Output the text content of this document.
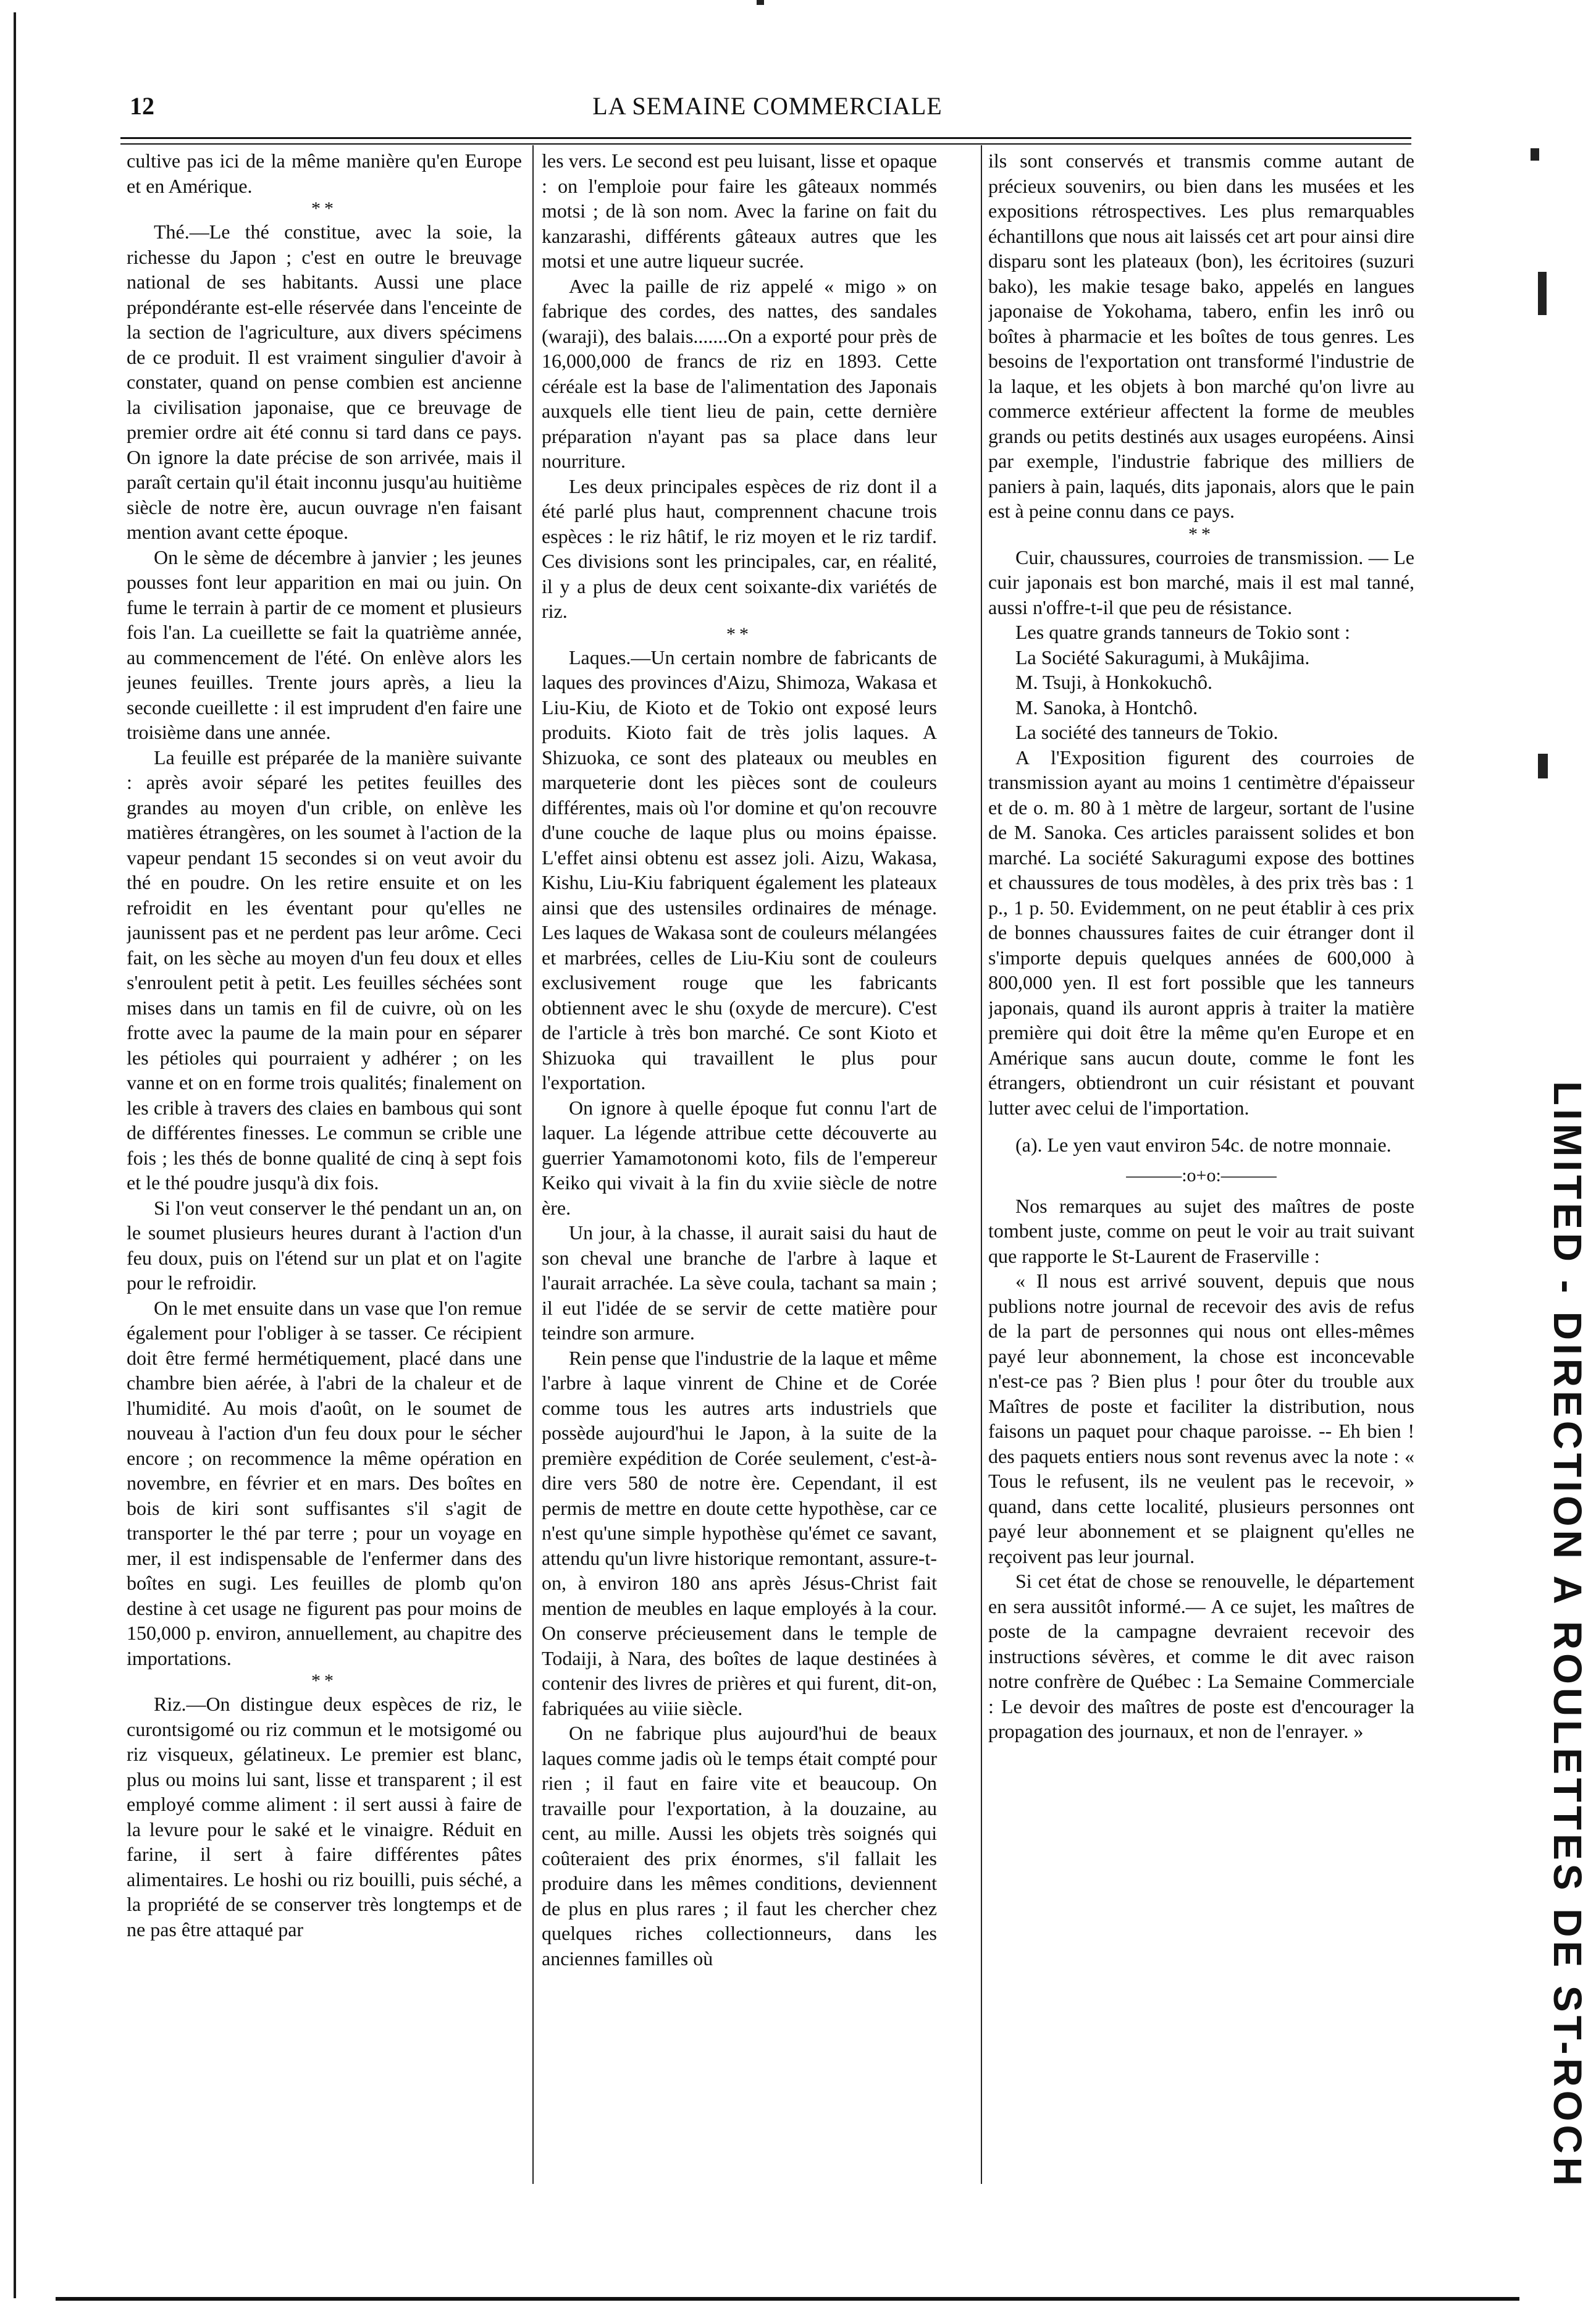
12	LA SEMAINE COMMERCIALE

cultive pas ici de la même manière qu'en Europe et en Amérique.

**

Thé.—Le thé constitue, avec la soie, la richesse du Japon ; c'est en outre le breuvage national de ses habitants. Aussi une place prépondérante est-elle réservée dans l'enceinte de la section de l'agriculture, aux divers spécimens de ce produit. Il est vraiment singulier d'avoir à constater, quand on pense combien est ancienne la civilisation japonaise, que ce breuvage de premier ordre ait été connu si tard dans ce pays. On ignore la date précise de son arrivée, mais il paraît certain qu'il était inconnu jusqu'au huitième siècle de notre ère, aucun ouvrage n'en faisant mention avant cette époque.

On le sème de décembre à janvier ; les jeunes pousses font leur apparition en mai ou juin. On fume le terrain à partir de ce moment et plusieurs fois l'an. La cueillette se fait la quatrième année, au commencement de l'été. On enlève alors les jeunes feuilles. Trente jours après, a lieu la seconde cueillette : il est imprudent d'en faire une troisième dans une année.

La feuille est préparée de la manière suivante : après avoir séparé les petites feuilles des grandes au moyen d'un crible, on enlève les matières étrangères, on les soumet à l'action de la vapeur pendant 15 secondes si on veut avoir du thé en poudre. On les retire ensuite et on les refroidit en les éventant pour qu'elles ne jaunissent pas et ne perdent pas leur arôme. Ceci fait, on les sèche au moyen d'un feu doux et elles s'enroulent petit à petit. Les feuilles séchées sont mises dans un tamis en fil de cuivre, où on les frotte avec la paume de la main pour en séparer les pétioles qui pourraient y adhérer ; on les vanne et on en forme trois qualités; finalement on les crible à travers des claies en bambous qui sont de différentes finesses. Le commun se crible une fois ; les thés de bonne qualité de cinq à sept fois et le thé poudre jusqu'à dix fois.

Si l'on veut conserver le thé pendant un an, on le soumet plusieurs heures durant à l'action d'un feu doux, puis on l'étend sur un plat et on l'agite pour le refroidir.

On le met ensuite dans un vase que l'on remue également pour l'obliger à se tasser. Ce récipient doit être fermé hermétiquement, placé dans une chambre bien aérée, à l'abri de la chaleur et de l'humidité. Au mois d'août, on le soumet de nouveau à l'action d'un feu doux pour le sécher encore ; on recommence la même opération en novembre, en février et en mars. Des boîtes en bois de kiri sont suffisantes s'il s'agit de transporter le thé par terre ; pour un voyage en mer, il est indispensable de l'enfermer dans des boîtes en sugi. Les feuilles de plomb qu'on destine à cet usage ne figurent pas pour moins de 150,000 p. environ, annuellement, au chapitre des importations.

**

Riz.—On distingue deux espèces de riz, le curontsigomé ou riz commun et le motsigomé ou riz visqueux, gélatineux. Le premier est blanc, plus ou moins lui sant, lisse et transparent ; il est employé comme aliment : il sert aussi à faire de la levure pour le saké et le vinaigre. Réduit en farine, il sert à faire différentes pâtes alimentaires. Le hoshi ou riz bouilli, puis séché, a la propriété de se conserver très longtemps et de ne pas être attaqué par

les vers. Le second est peu luisant, lisse et opaque : on l'emploie pour faire les gâteaux nommés motsi ; de là son nom. Avec la farine on fait du kanzarashi, différents gâteaux autres que les motsi et une autre liqueur sucrée.

Avec la paille de riz appelé « migo » on fabrique des cordes, des nattes, des sandales (waraji), des balais.......On a exporté pour près de 16,000,000 de francs de riz en 1893. Cette céréale est la base de l'alimentation des Japonais auxquels elle tient lieu de pain, cette dernière préparation n'ayant pas sa place dans leur nourriture.

Les deux principales espèces de riz dont il a été parlé plus haut, comprennent chacune trois espèces : le riz hâtif, le riz moyen et le riz tardif. Ces divisions sont les principales, car, en réalité, il y a plus de deux cent soixante-dix variétés de riz.

**

Laques.—Un certain nombre de fabricants de laques des provinces d'Aizu, Shimoza, Wakasa et Liu-Kiu, de Kioto et de Tokio ont exposé leurs produits. Kioto fait de très jolis laques. A Shizuoka, ce sont des plateaux ou meubles en marqueterie dont les pièces sont de couleurs différentes, mais où l'or domine et qu'on recouvre d'une couche de laque plus ou moins épaisse. L'effet ainsi obtenu est assez joli. Aizu, Wakasa, Kishu, Liu-Kiu fabriquent également les plateaux ainsi que des ustensiles ordinaires de ménage. Les laques de Wakasa sont de couleurs mélangées et marbrées, celles de Liu-Kiu sont de couleurs exclusivement rouge que les fabricants obtiennent avec le shu (oxyde de mercure). C'est de l'article à très bon marché. Ce sont Kioto et Shizuoka qui travaillent le plus pour l'exportation.

On ignore à quelle époque fut connu l'art de laquer. La légende attribue cette découverte au guerrier Yamamotonomi koto, fils de l'empereur Keiko qui vivait à la fin du xviie siècle de notre ère.

Un jour, à la chasse, il aurait saisi du haut de son cheval une branche de l'arbre à laque et l'aurait arrachée. La sève coula, tachant sa main ; il eut l'idée de se servir de cette matière pour teindre son armure.

Rein pense que l'industrie de la laque et même l'arbre à laque vinrent de Chine et de Corée comme tous les autres arts industriels que possède aujourd'hui le Japon, à la suite de la première expédition de Corée seulement, c'est-à-dire vers 580 de notre ère. Cependant, il est permis de mettre en doute cette hypothèse, car ce n'est qu'une simple hypothèse qu'émet ce savant, attendu qu'un livre historique remontant, assure-t-on, à environ 180 ans après Jésus-Christ fait mention de meubles en laque employés à la cour. On conserve précieusement dans le temple de Todaiji, à Nara, des boîtes de laque destinées à contenir des livres de prières et qui furent, dit-on, fabriquées au viiie siècle.

On ne fabrique plus aujourd'hui de beaux laques comme jadis où le temps était compté pour rien ; il faut en faire vite et beaucoup. On travaille pour l'exportation, à la douzaine, au cent, au mille. Aussi les objets très soignés qui coûteraient des prix énormes, s'il fallait les produire dans les mêmes conditions, deviennent de plus en plus rares ; il faut les chercher chez quelques riches collectionneurs, dans les anciennes familles où

ils sont conservés et transmis comme autant de précieux souvenirs, ou bien dans les musées et les expositions rétrospectives. Les plus remarquables échantillons que nous ait laissés cet art pour ainsi dire disparu sont les plateaux (bon), les écritoires (suzuri bako), les makie tesage bako, appelés en langues japonaise de Yokohama, tabero, enfin les inrô ou boîtes à pharmacie et les boîtes de tous genres. Les besoins de l'exportation ont transformé l'industrie de la laque, et les objets à bon marché qu'on livre au commerce extérieur affectent la forme de meubles grands ou petits destinés aux usages européens. Ainsi par exemple, l'industrie fabrique des milliers de paniers à pain, laqués, dits japonais, alors que le pain est à peine connu dans ce pays.

**

Cuir, chaussures, courroies de transmission. — Le cuir japonais est bon marché, mais il est mal tanné, aussi n'offre-t-il que peu de résistance.

Les quatre grands tanneurs de Tokio sont :

La Société Sakuragumi, à Mukâjima.

M. Tsuji, à Honkokuchô.

M. Sanoka, à Hontchô.

La société des tanneurs de Tokio.

A l'Exposition figurent des courroies de transmission ayant au moins 1 centimètre d'épaisseur et de o. m. 80 à 1 mètre de largeur, sortant de l'usine de M. Sanoka. Ces articles paraissent solides et bon marché. La société Sakuragumi expose des bottines et chaussures de tous modèles, à des prix très bas : 1 p., 1 p. 50. Evidemment, on ne peut établir à ces prix de bonnes chaussures faites de cuir étranger dont il s'importe depuis quelques années de 600,000 à 800,000 yen. Il est fort possible que les tanneurs japonais, quand ils auront appris à traiter la matière première qui doit être la même qu'en Europe et en Amérique sans aucun doute, comme le font les étrangers, obtiendront un cuir résistant et pouvant lutter avec celui de l'importation.

(a). Le yen vaut environ 54c. de notre monnaie.

———:o+o:———

Nos remarques au sujet des maîtres de poste tombent juste, comme on peut le voir au trait suivant que rapporte le St-Laurent de Fraserville :

« Il nous est arrivé souvent, depuis que nous publions notre journal de recevoir des avis de refus de la part de personnes qui nous ont elles-mêmes payé leur abonnement, la chose est inconcevable n'est-ce pas ? Bien plus ! pour ôter du trouble aux Maîtres de poste et faciliter la distribution, nous faisons un paquet pour chaque paroisse. -- Eh bien ! des paquets entiers nous sont revenus avec la note : « Tous le refusent, ils ne veulent pas le recevoir, » quand, dans cette localité, plusieurs personnes ont payé leur abonnement et se plaignent qu'elles ne reçoivent pas leur journal.

Si cet état de chose se renouvelle, le département en sera aussitôt informé.— A ce sujet, les maîtres de poste de la campagne devraient recevoir des instructions sévères, et comme le dit avec raison notre confrère de Québec : La Semaine Commerciale : Le devoir des maîtres de poste est d'encourager la propagation des journaux, et non de l'enrayer. »	LIMITED - DIRECTION A ROULETTES DE ST-ROCH
